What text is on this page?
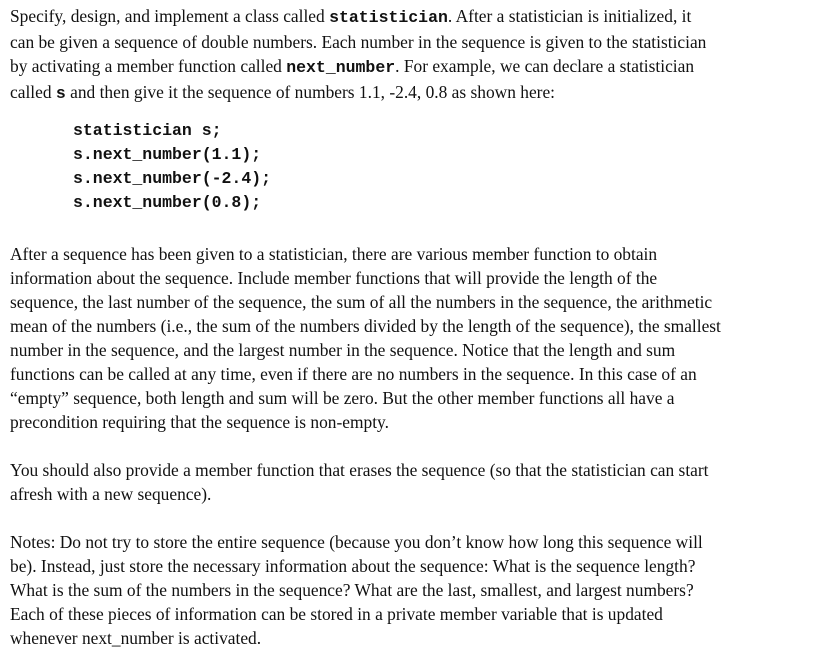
Specify, design, and implement a class called statistician. After a statistician is initialized, it
can be given a sequence of double numbers. Each number in the sequence is given to the statistician
by activating a member function called next_number. For example, we can declare a statistician
called s and then give it the sequence of numbers 1.1, -2.4, 0.8 as shown here:

statistician s;
s.next_number(1.1);
s.next_number(-2.4);
s.next_number(0.8);

After a sequence has been given to a statistician, there are various member function to obtain
information about the sequence. Include member functions that will provide the length of the
sequence, the last number of the sequence, the sum of all the numbers in the sequence, the arithmetic
mean of the numbers (i.e., the sum of the numbers divided by the length of the sequence), the smallest
number in the sequence, and the largest number in the sequence. Notice that the length and sum
functions can be called at any time, even if there are no numbers in the sequence. In this case of an
“empty” sequence, both length and sum will be zero. But the other member functions all have a
precondition requiring that the sequence is non-empty.

You should also provide a member function that erases the sequence (so that the statistician can start
afresh with a new sequence).

Notes: Do not try to store the entire sequence (because you don’t know how long this sequence will
be). Instead, just store the necessary information about the sequence: What is the sequence length?
What is the sum of the numbers in the sequence? What are the last, smallest, and largest numbers?
Each of these pieces of information can be stored in a private member variable that is updated
whenever next_number is activated.
